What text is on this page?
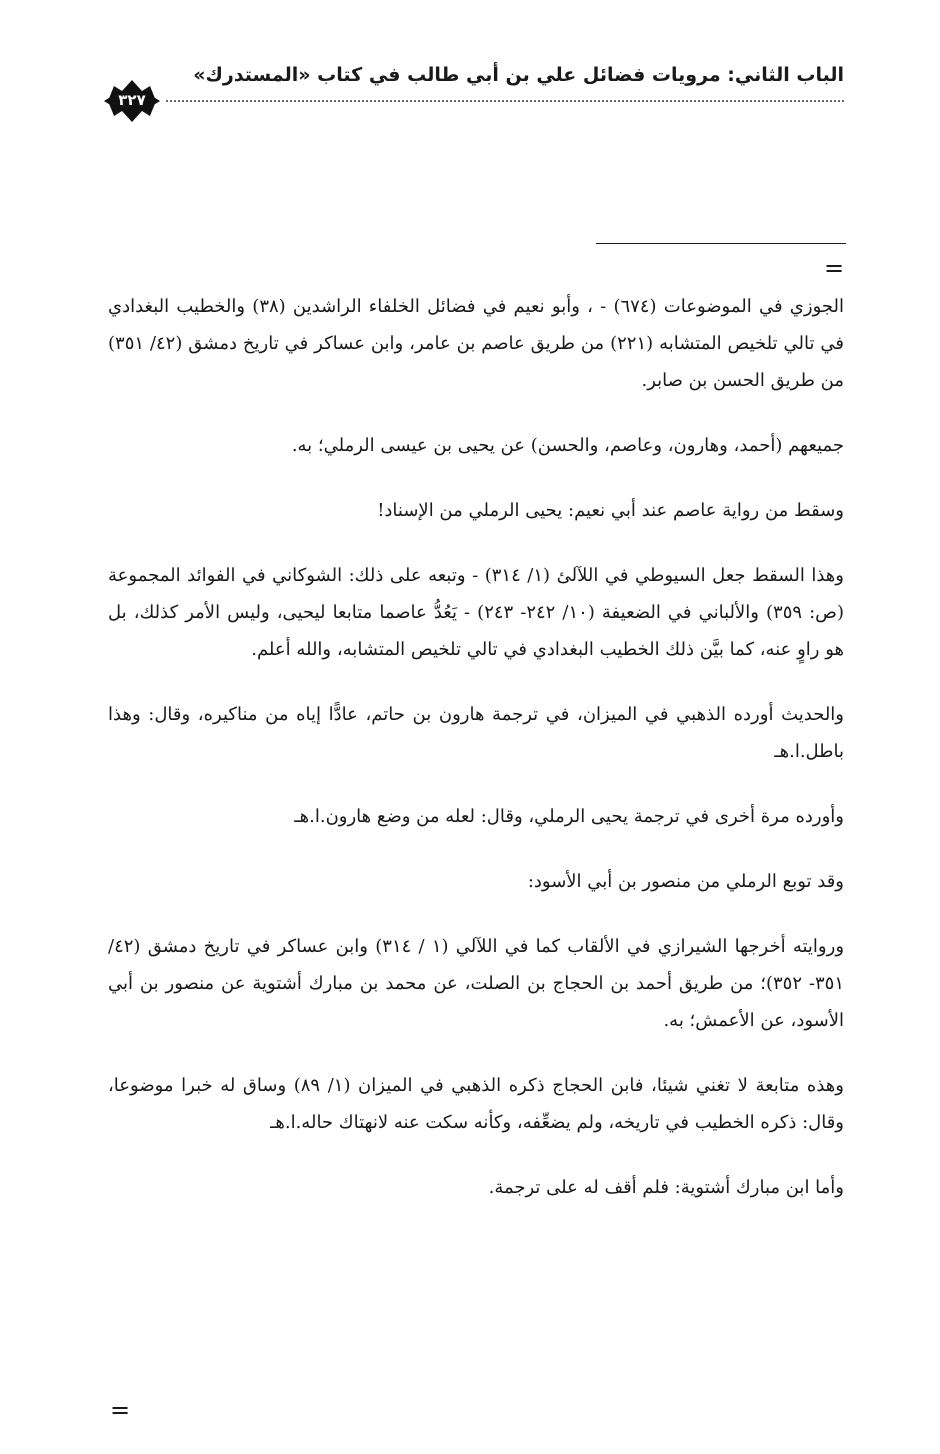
الباب الثاني: مرويات فضائل علي بن أبي طالب في كتاب «المستدرك»
٣٢٧
=

الجوزي في الموضوعات (٦٧٤) - ، وأبو نعيم في فضائل الخلفاء الراشدين (٣٨) والخطيب البغدادي في تالي تلخيص المتشابه (٢٢١) من طريق عاصم بن عامر، وابن عساكر في تاريخ دمشق (٤٢/ ٣٥١) من طريق الحسن بن صابر.

جميعهم (أحمد، وهارون، وعاصم، والحسن) عن يحيى بن عيسى الرملي؛ به.

وسقط من رواية عاصم عند أبي نعيم: يحيى الرملي من الإسناد!

وهذا السقط جعل السيوطي في اللآلئ (١/ ٣١٤) - وتبعه على ذلك: الشوكاني في الفوائد المجموعة (ص: ٣٥٩) والألباني في الضعيفة (١٠/ ٢٤٢- ٢٤٣) - يَعُدُّ عاصما متابعا ليحيى، وليس الأمر كذلك، بل هو راوٍ عنه، كما بيَّن ذلك الخطيب البغدادي في تالي تلخيص المتشابه، والله أعلم.

والحديث أورده الذهبي في الميزان، في ترجمة هارون بن حاتم، عادًّا إياه من مناكيره، وقال: وهذا باطل.ا.هـ

وأورده مرة أخرى في ترجمة يحيى الرملي، وقال: لعله من وضع هارون.ا.هـ

وقد توبع الرملي من منصور بن أبي الأسود:

وروايته أخرجها الشيرازي في الألقاب كما في اللآلي (١ / ٣١٤) وابن عساكر في تاريخ دمشق (٤٢/ ٣٥١- ٣٥٢)؛ من طريق أحمد بن الحجاج بن الصلت، عن محمد بن مبارك أشتوية عن منصور بن أبي الأسود، عن الأعمش؛ به.

وهذه متابعة لا تغني شيئا، فابن الحجاج ذكره الذهبي في الميزان (١/ ٨٩) وساق له خبرا موضوعا، وقال: ذكره الخطيب في تاريخه، ولم يضعِّفه، وكأنه سكت عنه لانهتاك حاله.ا.هـ

وأما ابن مبارك أشتوية: فلم أقف له على ترجمة.

=
